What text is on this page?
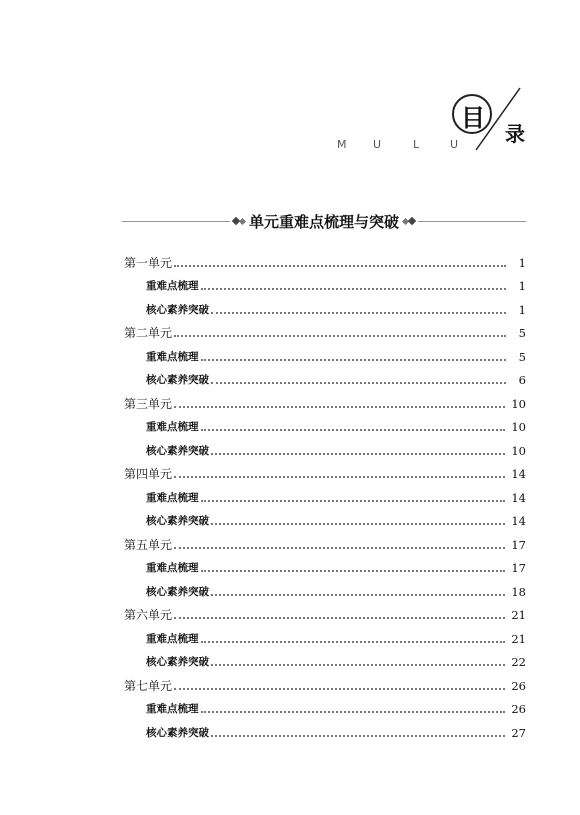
M U	L	U
目
录
单元重难点梳理与突破
第一单元	1
重难点梳理	1
核心素养突破	1
第二单元	5
重难点梳理	5
核心素养突破	6
第三单元	10
重难点梳理	10
核心素养突破	10
第四单元	14
重难点梳理	14
核心素养突破	14
第五单元	17
重难点梳理	17
核心素养突破	18
第六单元	21
重难点梳理	21
核心素养突破	22
第七单元	26
重难点梳理	26
核心素养突破	27
